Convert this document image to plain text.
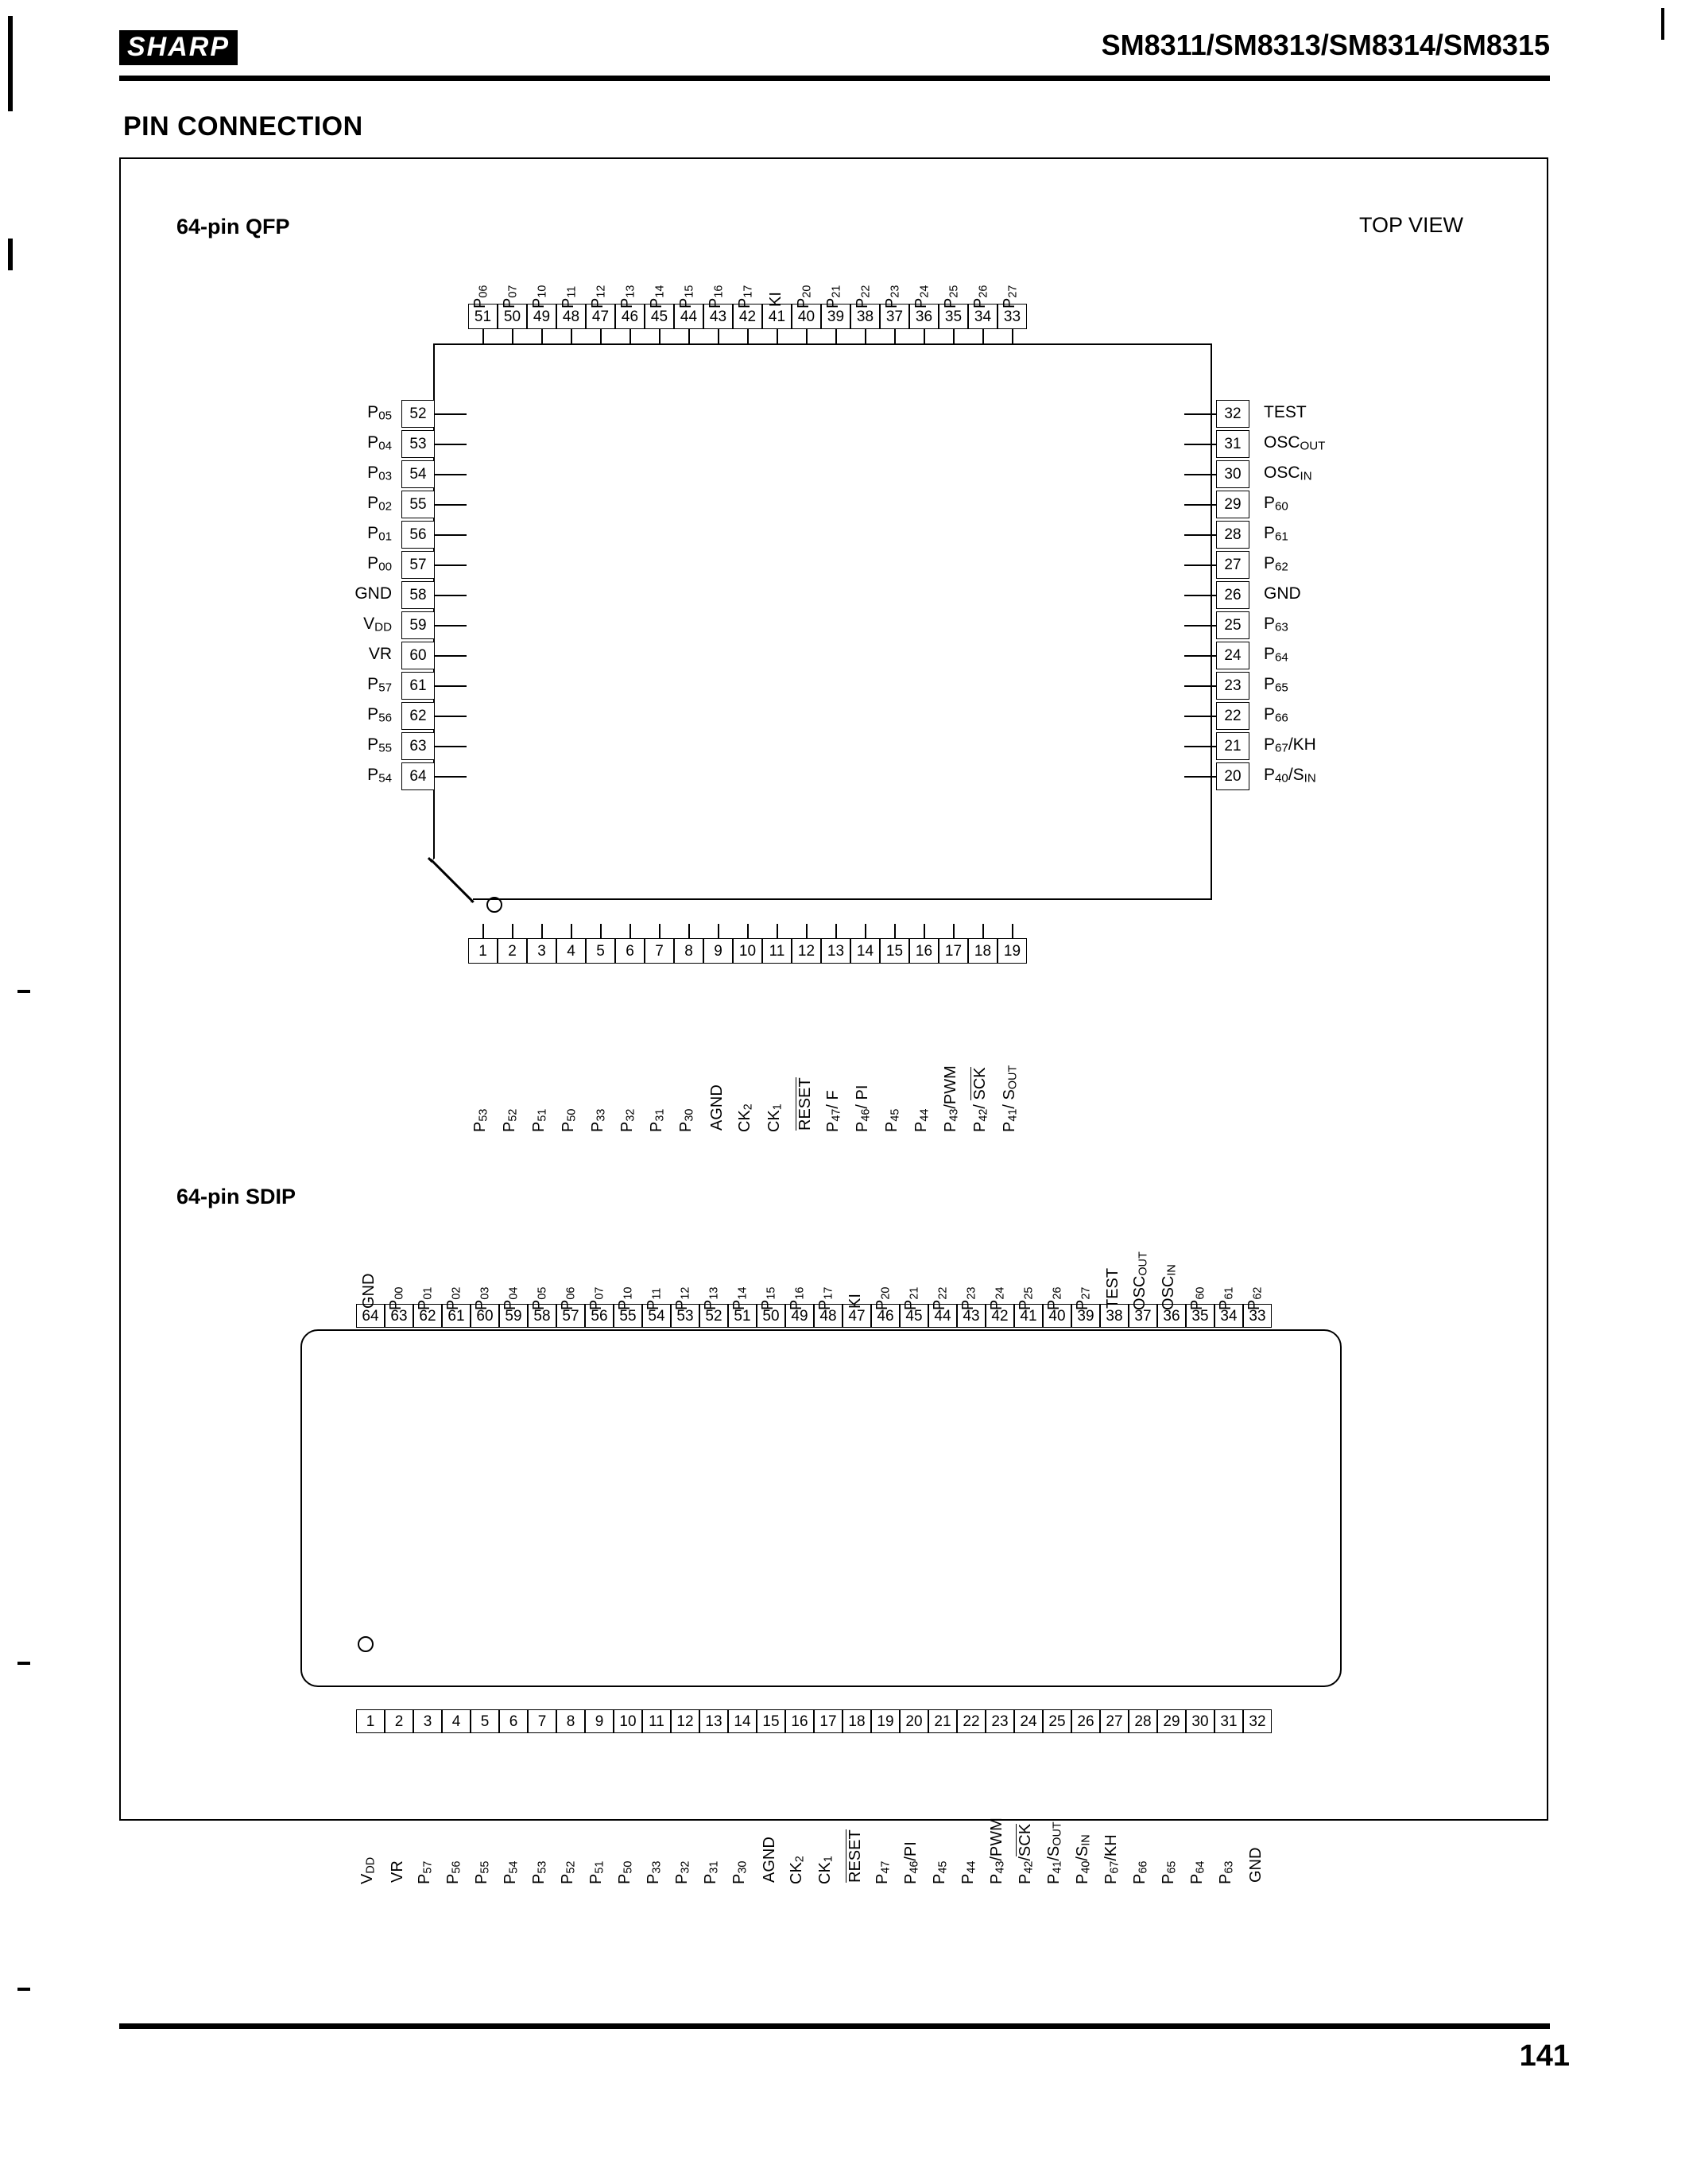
SHARP	SM8311/SM8313/SM8314/SM8315
PIN CONNECTION
64-pin QFP	TOP VIEW
64-pin SDIP
51
P06
50
P07
49
P10
48
P11
47
P12
46
P13
45
P14
44
P15
43
P16
42
P17
41
KI
40
P20
39
P21
38
P22
37
P23
36
P24
35
P25
34
P26
33
P27
1
P53
2
P52
3
P51
4
P50
5
P33
6
P32
7
P31
8
P30
9
AGND
10
CK2
11
CK1
12
RESET
13
P47/ F
14
P46/ PI
15
P45
16
P44
17
P43/PWM
18
P42/ SCK
19
P41/ SOUT
52
P05
53
P04
54
P03
55
P02
56
P01
57
P00
58
GND
59
VDD
60
VR
61
P57
62
P56
63
P55
64
P54
32	TEST
31	OSCOUT
30	OSCIN
29	P60
28	P61
27	P62
26	GND
25	P63
24	P64
23	P65
22	P66
21	P67/KH
20	P40/SIN
64
GND
63
P00
62
P01
61
P02
60
P03
59
P04
58
P05
57
P06
56
P07
55
P10
54
P11
53
P12
52
P13
51
P14
50
P15
49
P16
48
P17
47
KI
46
P20
45
P21
44
P22
43
P23
42
P24
41
P25
40
P26
39
P27
38
TEST
37
OSCOUT
36
OSCIN
35
P60
34
P61
33
P62
1
VDD
2
VR
3
P57
4
P56
5
P55
6
P54
7
P53
8
P52
9
P51
10
P50
11
P33
12
P32
13
P31
14
P30
15
AGND
16
CK2
17
CK1
18
RESET
19
P47
20
P46/PI
21
P45
22
P44
23
P43/PWM
24
P42/SCK
25
P41/SOUT
26
P40/SIN
27
P67/KH
28
P66
29
P65
30
P64
31
P63
32
GND
141
